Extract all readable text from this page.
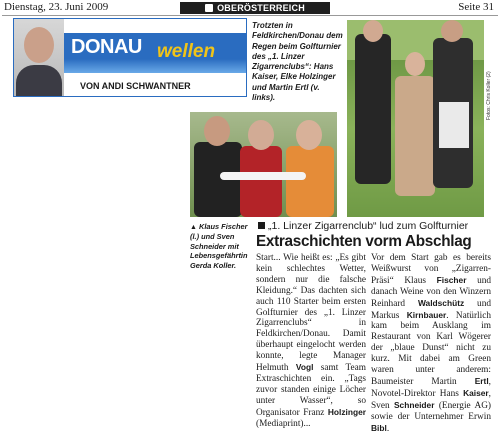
Dienstag, 23. Juni 2009	OBERÖSTERREICH	Seite 31
DONAU wellen
VON ANDI SCHWANTNER
Trotzten in Feldkirchen/Donau dem Regen beim Golfturnier des „1. Linzer Zigarrenclubs“: Hans Kaiser, Elke Holzinger und Martin Ertl (v. links).	Fotos: Chris Koller (2)
▲ Klaus Fischer (l.) und Sven Schneider mit Lebensgefährtin Gerda Koller.
„1. Linzer Zigarrenclub“ lud zum Golfturnier
Extraschichten vorm Abschlag
Start... Wie heißt es: „Es gibt kein schlechtes Wetter, sondern nur die falsche Kleidung.“ Das dachten sich auch 110 Starter beim ersten Golfturnier des „1. Linzer Zigarrenclubs“ in Feldkirchen/Donau. Damit überhaupt eingelocht werden konnte, legte Manager Helmuth Vogl samt Team Extraschichten ein. „Tags zuvor standen einige Löcher unter Wasser“, so Organisator Franz Holzinger (Mediaprint)...
Vor dem Start gab es bereits Weißwurst von „Zigarren-Präsi“ Klaus Fischer und danach Weine von den Winzern Reinhard Waldschütz und Markus Kirnbauer. Natürlich kam beim Ausklang im Restaurant von Karl Wögerer der „blaue Dunst“ nicht zu kurz. Mit dabei am Green waren unter anderem: Baumeister Martin Ertl, Novotel-Direktor Hans Kaiser, Sven Schneider (Energie AG) sowie der Unternehmer Erwin Bibl.
